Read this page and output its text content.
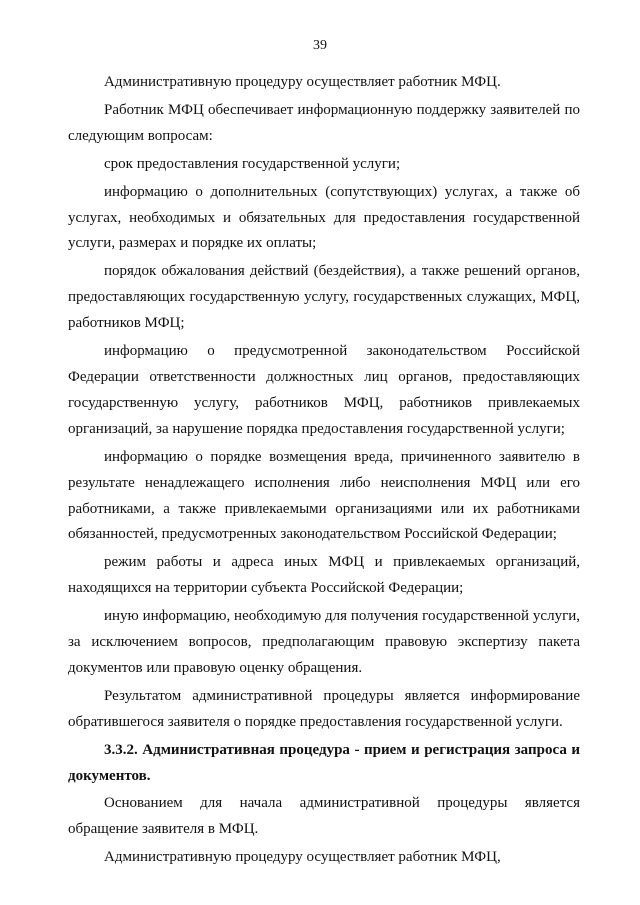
39

Административную процедуру осуществляет работник МФЦ.

Работник МФЦ обеспечивает информационную поддержку заявителей по следующим вопросам:

срок предоставления государственной услуги;

информацию о дополнительных (сопутствующих) услугах, а также об услугах, необходимых и обязательных для предоставления государственной услуги, размерах и порядке их оплаты;

порядок обжалования действий (бездействия), а также решений органов, предоставляющих государственную услугу, государственных служащих, МФЦ, работников МФЦ;

информацию о предусмотренной законодательством Российской Федерации ответственности должностных лиц органов, предоставляющих государственную услугу, работников МФЦ, работников привлекаемых организаций, за нарушение порядка предоставления государственной услуги;

информацию о порядке возмещения вреда, причиненного заявителю в результате ненадлежащего исполнения либо неисполнения МФЦ или его работниками, а также привлекаемыми организациями или их работниками обязанностей, предусмотренных законодательством Российской Федерации;

режим работы и адреса иных МФЦ и привлекаемых организаций, находящихся на территории субъекта Российской Федерации;

иную информацию, необходимую для получения государственной услуги, за исключением вопросов, предполагающим правовую экспертизу пакета документов или правовую оценку обращения.

Результатом административной процедуры является информирование обратившегося заявителя о порядке предоставления государственной услуги.

3.3.2. Административная процедура - прием и регистрация запроса и документов.

Основанием для начала административной процедуры является обращение заявителя в МФЦ.

Административную процедуру осуществляет работник МФЦ,
